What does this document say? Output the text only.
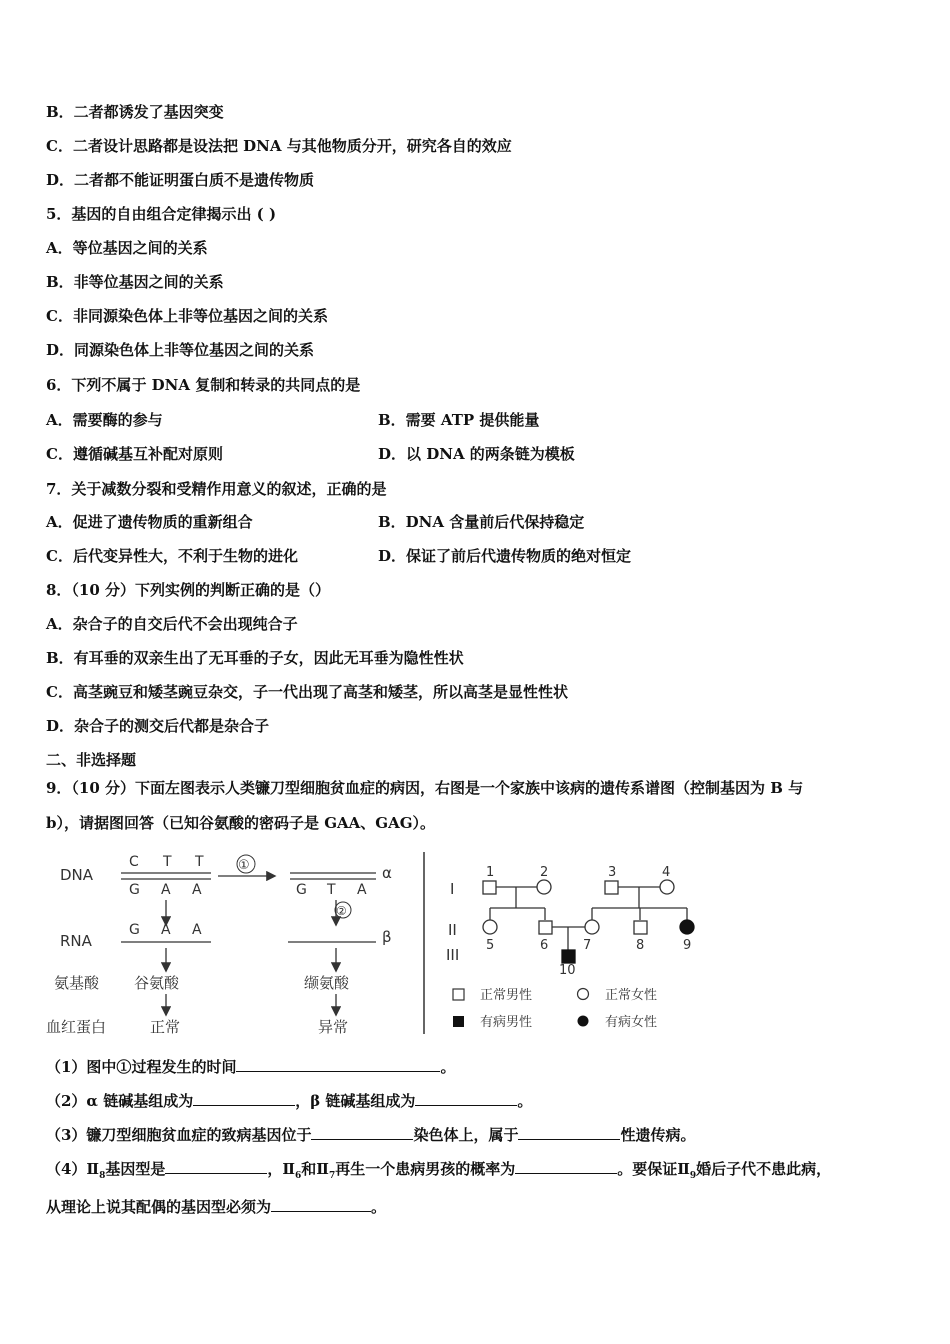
B．二者都诱发了基因突变
C．二者设计思路都是设法把 DNA 与其他物质分开，研究各自的效应
D．二者都不能证明蛋白质不是遗传物质
5．基因的自由组合定律揭示出 ( )
A．等位基因之间的关系
B．非等位基因之间的关系
C．非同源染色体上非等位基因之间的关系
D．同源染色体上非等位基因之间的关系
6．下列不属于 DNA 复制和转录的共同点的是
A．需要酶的参与	B．需要 ATP 提供能量
C．遵循碱基互补配对原则	D．以 DNA 的两条链为模板
7．关于减数分裂和受精作用意义的叙述，正确的是
A．促进了遗传物质的重新组合	B．DNA 含量前后代保持稳定
C．后代变异性大，不利于生物的进化	D．保证了前后代遗传物质的绝对恒定
8．（10 分）下列实例的判断正确的是（）
A．杂合子的自交后代不会出现纯合子
B．有耳垂的双亲生出了无耳垂的子女，因此无耳垂为隐性性状
C．高茎豌豆和矮茎豌豆杂交，子一代出现了高茎和矮茎，所以高茎是显性性状
D．杂合子的测交后代都是杂合子
二、非选择题
9．（10 分）下面左图表示人类镰刀型细胞贫血症的病因，右图是一个家族中该病的遗传系谱图（控制基因为 B 与
b），请据图回答（已知谷氨酸的密码子是 GAA、GAG）。
DNA
RNA
氨基酸
血红蛋白
C T T
G A A
①	α
G T A
G A A
谷氨酸
正常
②
β
缬氨酸
异常
I
II
III
1	2	3	4
5	6	7	8	9
10
正常男性	正常女性
有病男性	有病女性
（1）图中①过程发生的时间	。
（2）α 链碱基组成为	，β 链碱基组成为	。
（3）镰刀型细胞贫血症的致病基因位于	染色体上，属于	性遗传病。
$(4)Ⅱ_8$基因型是	，$Ⅱ_6$和$Ⅱ_7$再生一个患病男孩的概率为	。要保证$Ⅱ_9$婚后子代不患此病，
从理论上说其配偶的基因型必须为	。
